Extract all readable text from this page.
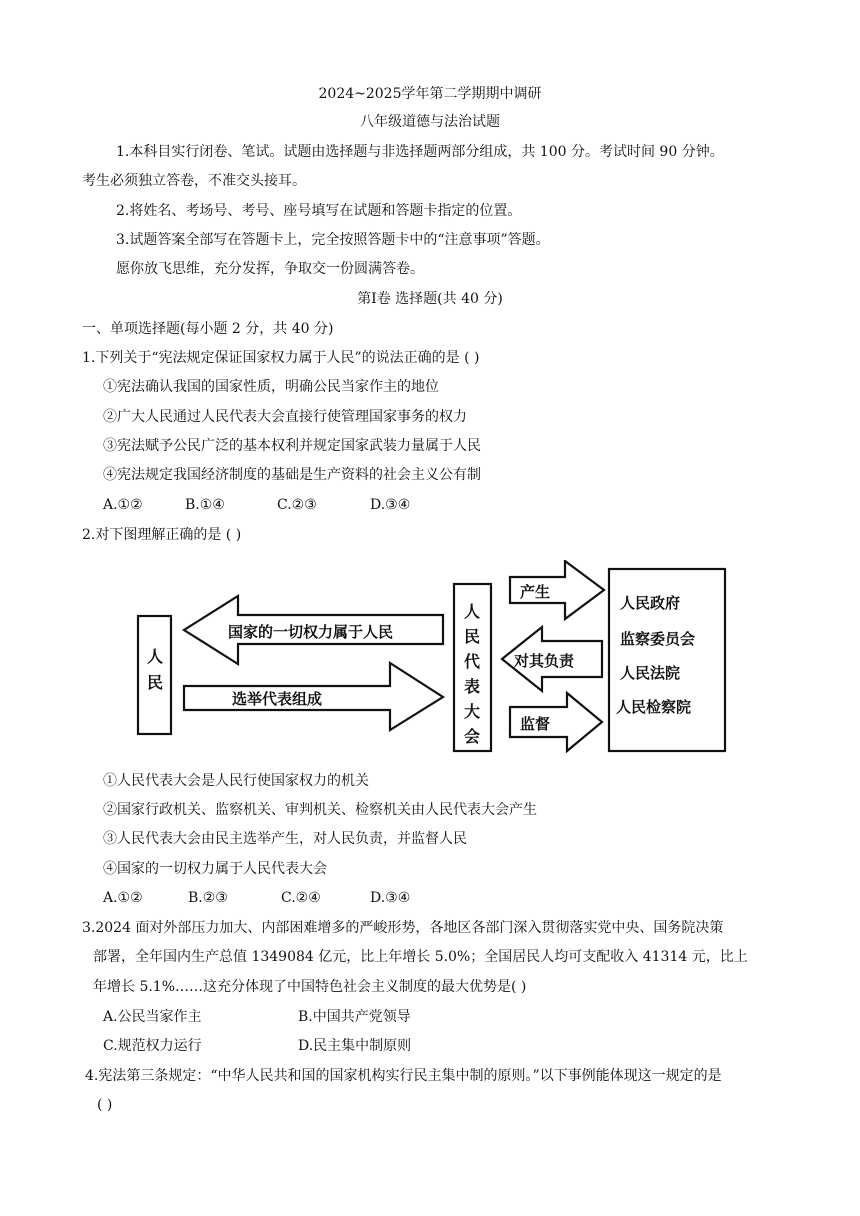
2024~2025学年第二学期期中调研
八年级道德与法治试题
1.本科目实行闭卷、笔试。试题由选择题与非选择题两部分组成，共 100 分。考试时间 90 分钟。
考生必须独立答卷，不准交头接耳。
2.将姓名、考场号、考号、座号填写在试题和答题卡指定的位置。
3.试题答案全部写在答题卡上，完全按照答题卡中的“注意事项”答题。
愿你放飞思维，充分发挥，争取交一份圆满答卷。
第Ⅰ卷 选择题(共 40 分)
一、单项选择题(每小题 2 分，共 40 分)
1.下列关于“宪法规定保证国家权力属于人民”的说法正确的是 ( )
①宪法确认我国的国家性质，明确公民当家作主的地位
②广大人民通过人民代表大会直接行使管理国家事务的权力
③宪法赋予公民广泛的基本权利并规定国家武装力量属于人民
④宪法规定我国经济制度的基础是生产资料的社会主义公有制
A.①②	B.①④	C.②③	D.③④
2.对下图理解正确的是 ( )
人
民
国家的一切权力属于人民
选举代表组成
人
民
代
表
大
会
产生
对其负责
监督
人民政府
监察委员会
人民法院
人民检察院
①人民代表大会是人民行使国家权力的机关
②国家行政机关、监察机关、审判机关、检察机关由人民代表大会产生
③人民代表大会由民主选举产生，对人民负责，并监督人民
④国家的一切权力属于人民代表大会
A.①②	B.②③	C.②④	D.③④
3.2024 面对外部压力加大、内部困难增多的严峻形势，各地区各部门深入贯彻落实党中央、国务院决策
部署，全年国内生产总值 1349084 亿元，比上年增长 5.0%；全国居民人均可支配收入 41314 元，比上
年增长 5.1%……这充分体现了中国特色社会主义制度的最大优势是( )
A.公民当家作主	B.中国共产党领导
C.规范权力运行	D.民主集中制原则
4.宪法第三条规定：“中华人民共和国的国家机构实行民主集中制的原则。”以下事例能体现这一规定的是
( )
